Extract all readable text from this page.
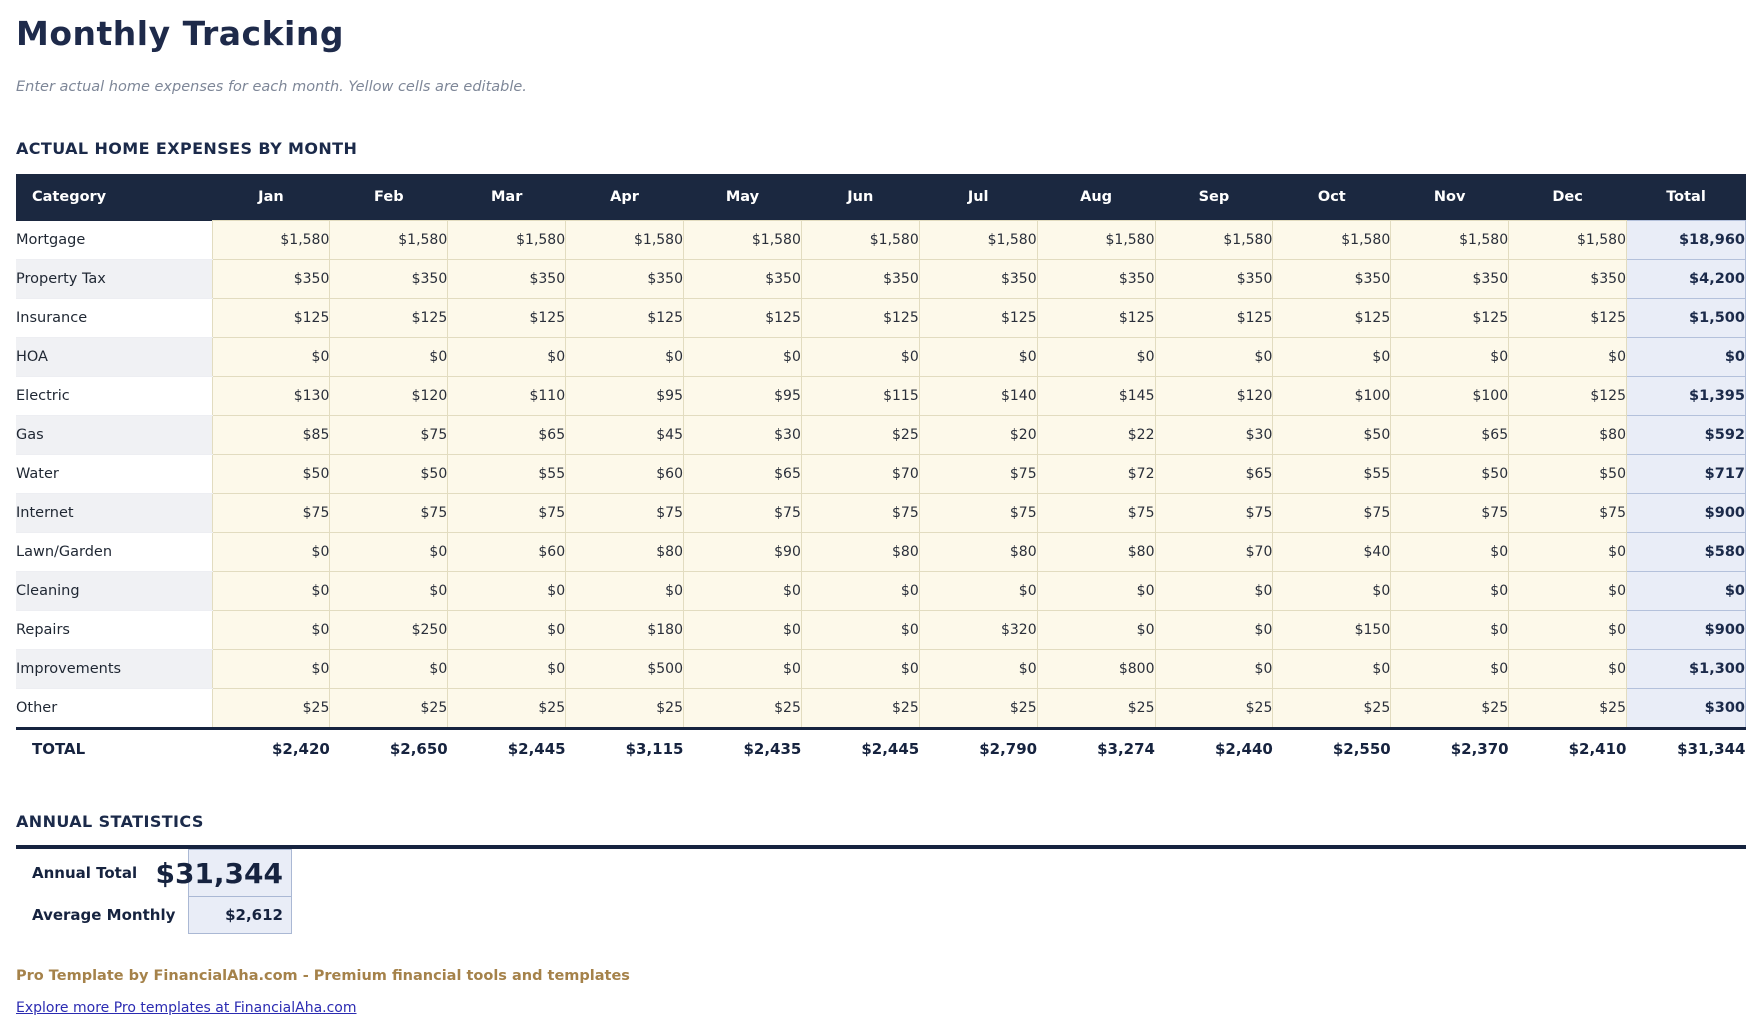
Monthly Tracking

Enter actual home expenses for each month. Yellow cells are editable.

ACTUAL HOME EXPENSES BY MONTH
Category	Jan	Feb	Mar	Apr	May	Jun	Jul	Aug	Sep	Oct	Nov	Dec	Total
Mortgage	$1,580	$1,580	$1,580	$1,580	$1,580	$1,580	$1,580	$1,580	$1,580	$1,580	$1,580	$1,580	$18,960
Property Tax	$350	$350	$350	$350	$350	$350	$350	$350	$350	$350	$350	$350	$4,200
Insurance	$125	$125	$125	$125	$125	$125	$125	$125	$125	$125	$125	$125	$1,500
HOA	$0	$0	$0	$0	$0	$0	$0	$0	$0	$0	$0	$0	$0
Electric	$130	$120	$110	$95	$95	$115	$140	$145	$120	$100	$100	$125	$1,395
Gas	$85	$75	$65	$45	$30	$25	$20	$22	$30	$50	$65	$80	$592
Water	$50	$50	$55	$60	$65	$70	$75	$72	$65	$55	$50	$50	$717
Internet	$75	$75	$75	$75	$75	$75	$75	$75	$75	$75	$75	$75	$900
Lawn/Garden	$0	$0	$60	$80	$90	$80	$80	$80	$70	$40	$0	$0	$580
Cleaning	$0	$0	$0	$0	$0	$0	$0	$0	$0	$0	$0	$0	$0
Repairs	$0	$250	$0	$180	$0	$0	$320	$0	$0	$150	$0	$0	$900
Improvements	$0	$0	$0	$500	$0	$0	$0	$800	$0	$0	$0	$0	$1,300
Other	$25	$25	$25	$25	$25	$25	$25	$25	$25	$25	$25	$25	$300
TOTAL	$2,420	$2,650	$2,445	$3,115	$2,435	$2,445	$2,790	$3,274	$2,440	$2,550	$2,370	$2,410	$31,344
ANNUAL STATISTICS
Annual Total $31,344
Average Monthly	$2,612

Pro Template by FinancialAha.com - Premium financial tools and templates

Explore more Pro templates at FinancialAha.com
